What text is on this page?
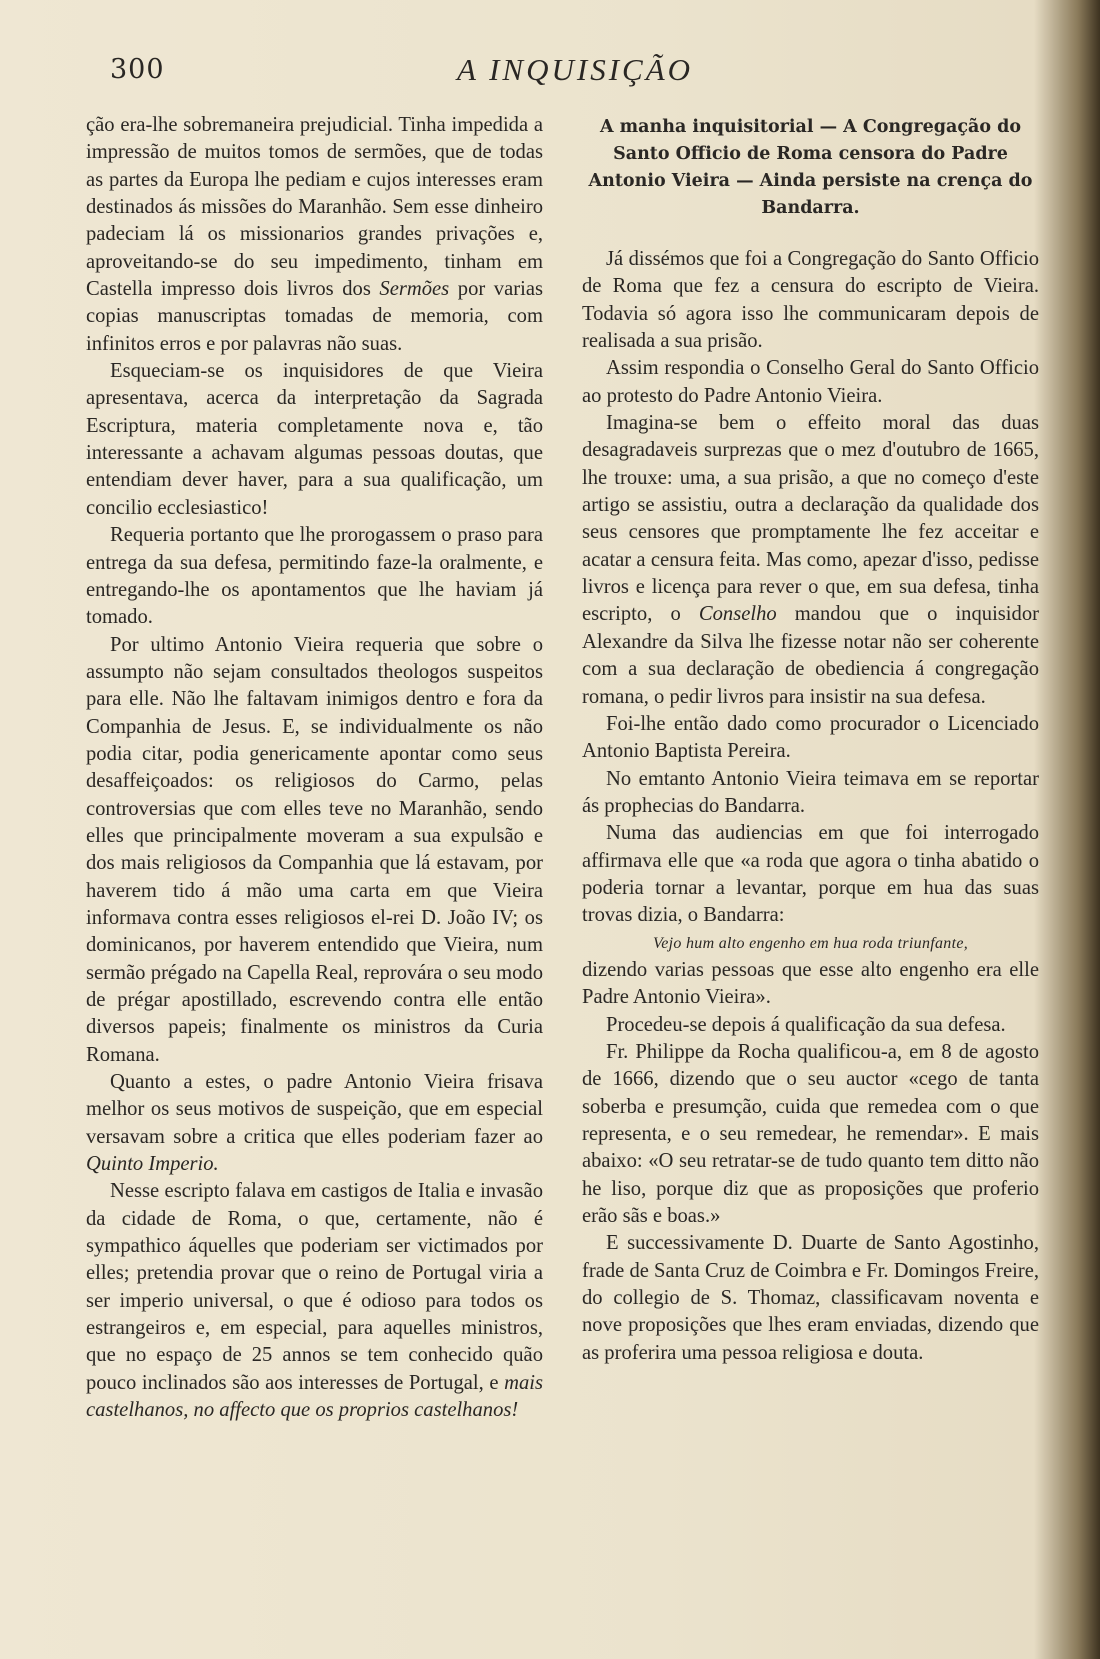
300	A INQUISIÇÃO

ção era-lhe sobremaneira prejudicial. Tinha impedida a impressão de muitos tomos de sermões, que de todas as partes da Europa lhe pediam e cujos interesses eram destinados ás missões do Maranhão. Sem esse dinheiro padeciam lá os missionarios grandes privações e, aproveitando-se do seu impedimento, tinham em Castella impresso dois livros dos Sermões por varias copias manuscriptas tomadas de memoria, com infinitos erros e por palavras não suas.

Esqueciam-se os inquisidores de que Vieira apresentava, acerca da interpretação da Sagrada Escriptura, materia completamente nova e, tão interessante a achavam algumas pessoas doutas, que entendiam dever haver, para a sua qualificação, um concilio ecclesiastico!

Requeria portanto que lhe prorogassem o praso para entrega da sua defesa, permitindo faze-la oralmente, e entregando-lhe os apontamentos que lhe haviam já tomado.

Por ultimo Antonio Vieira requeria que sobre o assumpto não sejam consultados theologos suspeitos para elle. Não lhe faltavam inimigos dentro e fora da Companhia de Jesus. E, se individualmente os não podia citar, podia genericamente apontar como seus desaffeiçoados: os religiosos do Carmo, pelas controversias que com elles teve no Maranhão, sendo elles que principalmente moveram a sua expulsão e dos mais religiosos da Companhia que lá estavam, por haverem tido á mão uma carta em que Vieira informava contra esses religiosos el-rei D. João IV; os dominicanos, por haverem entendido que Vieira, num sermão prégado na Capella Real, reprovára o seu modo de prégar apostillado, escrevendo contra elle então diversos papeis; finalmente os ministros da Curia Romana.

Quanto a estes, o padre Antonio Vieira frisava melhor os seus motivos de suspeição, que em especial versavam sobre a critica que elles poderiam fazer ao Quinto Imperio.

Nesse escripto falava em castigos de Italia e invasão da cidade de Roma, o que, certamente, não é sympathico áquelles que poderiam ser victimados por elles; pretendia provar que o reino de Portugal viria a ser imperio universal, o que é odioso para todos os estrangeiros e, em especial, para aquelles ministros, que no espaço de 25 annos se tem conhecido quão pouco inclinados são aos interesses de Portugal, e mais castelhanos, no affecto que os proprios castelhanos!

A manha inquisitorial — A Congregação do Santo Officio de Roma censora do Padre Antonio Vieira — Ainda persiste na crença do Bandarra.

Já dissémos que foi a Congregação do Santo Officio de Roma que fez a censura do escripto de Vieira. Todavia só agora isso lhe communicaram depois de realisada a sua prisão.

Assim respondia o Conselho Geral do Santo Officio ao protesto do Padre Antonio Vieira.

Imagina-se bem o effeito moral das duas desagradaveis surprezas que o mez d'outubro de 1665, lhe trouxe: uma, a sua prisão, a que no começo d'este artigo se assistiu, outra a declaração da qualidade dos seus censores que promptamente lhe fez acceitar e acatar a censura feita. Mas como, apezar d'isso, pedisse livros e licença para rever o que, em sua defesa, tinha escripto, o Conselho mandou que o inquisidor Alexandre da Silva lhe fizesse notar não ser coherente com a sua declaração de obediencia á congregação romana, o pedir livros para insistir na sua defesa.

Foi-lhe então dado como procurador o Licenciado Antonio Baptista Pereira.

No emtanto Antonio Vieira teimava em se reportar ás prophecias do Bandarra.

Numa das audiencias em que foi interrogado affirmava elle que «a roda que agora o tinha abatido o poderia tornar a levantar, porque em hua das suas trovas dizia, o Bandarra:

Vejo hum alto engenho em hua roda triunfante,

dizendo varias pessoas que esse alto engenho era elle Padre Antonio Vieira».

Procedeu-se depois á qualificação da sua defesa.

Fr. Philippe da Rocha qualificou-a, em 8 de agosto de 1666, dizendo que o seu auctor «cego de tanta soberba e presumção, cuida que remedea com o que representa, e o seu remedear, he remendar». E mais abaixo: «O seu retratar-se de tudo quanto tem ditto não he liso, porque diz que as proposições que proferio erão sãs e boas.»

E successivamente D. Duarte de Santo Agostinho, frade de Santa Cruz de Coimbra e Fr. Domingos Freire, do collegio de S. Thomaz, classificavam noventa e nove proposições que lhes eram enviadas, dizendo que as proferira uma pessoa religiosa e douta.
